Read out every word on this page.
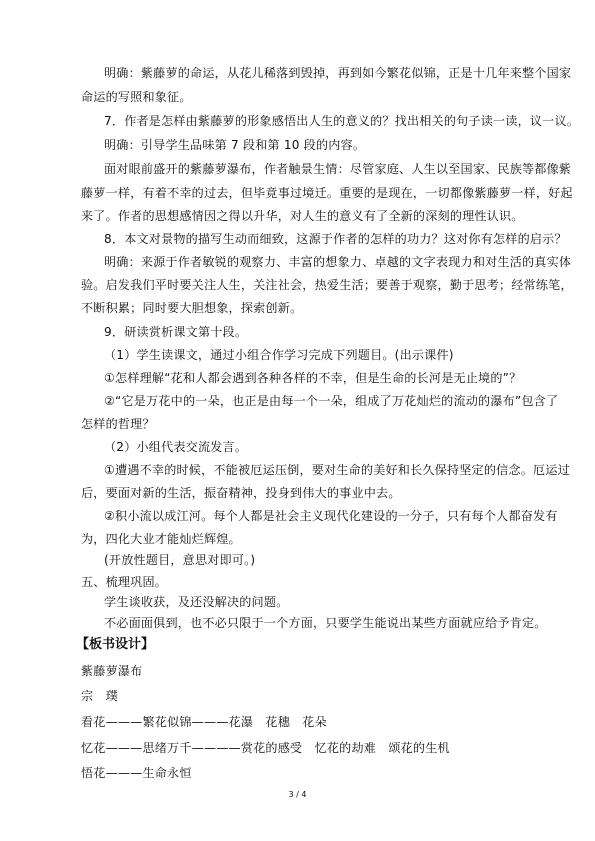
明确：紫藤萝的命运，从花儿稀落到毁掉，再到如今繁花似锦，正是十几年来整个国家
命运的写照和象征。
7．作者是怎样由紫藤萝的形象感悟出人生的意义的？找出相关的句子读一读，议一议。
明确：引导学生品味第 7 段和第 10 段的内容。
面对眼前盛开的紫藤萝瀑布，作者触景生情：尽管家庭、人生以至国家、民族等都像紫
藤萝一样，有着不幸的过去，但毕竟事过境迁。重要的是现在，一切都像紫藤萝一样，好起
来了。作者的思想感情因之得以升华，对人生的意义有了全新的深刻的理性认识。
8．本文对景物的描写生动而细致，这源于作者的怎样的功力？这对你有怎样的启示？
明确：来源于作者敏锐的观察力、丰富的想象力、卓越的文字表现力和对生活的真实体
验。启发我们平时要关注人生，关注社会，热爱生活；要善于观察，勤于思考；经常练笔，
不断积累；同时要大胆想象，探索创新。
9．研读赏析课文第十段。
（1）学生读课文，通过小组合作学习完成下列题目。(出示课件)
①怎样理解“花和人都会遇到各种各样的不幸，但是生命的长河是无止境的”？
②“它是万花中的一朵，也正是由每一个一朵，组成了万花灿烂的流动的瀑布”包含了
怎样的哲理？
（2）小组代表交流发言。
①遭遇不幸的时候，不能被厄运压倒，要对生命的美好和长久保持坚定的信念。厄运过
后，要面对新的生活，振奋精神，投身到伟大的事业中去。
②积小流以成江河。每个人都是社会主义现代化建设的一分子，只有每个人都奋发有
为，四化大业才能灿烂辉煌。
(开放性题目，意思对即可。)
五、梳理巩固。
学生谈收获，及还没解决的问题。
不必面面俱到，也不必只限于一个方面，只要学生能说出某些方面就应给予肯定。
【板书设计】
紫藤萝瀑布
宗　璞
看花———繁花似锦———花瀑　花穗　花朵
忆花———思绪万千————赏花的感受　忆花的劫难　颂花的生机
悟花———生命永恒
3 / 4
